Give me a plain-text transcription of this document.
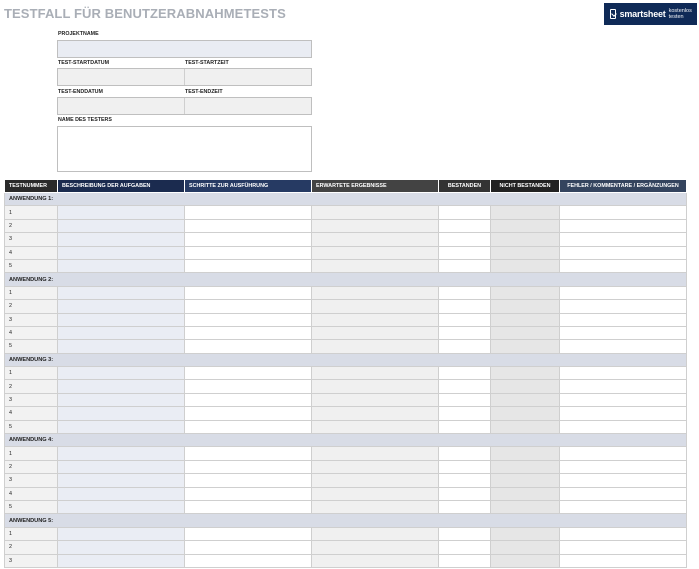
TESTFALL FÜR BENUTZERABNAHMETESTS	smartsheet kostenlos testen
PROJEKTNAME
TEST-STARTDATUM	TEST-STARTZEIT
TEST-ENDDATUM	TEST-ENDZEIT
NAME DES TESTERS
TESTNUMMER	BESCHREIBUNG DER AUFGABEN	SCHRITTE ZUR AUSFÜHRUNG	ERWARTETE ERGEBNISSE	BESTANDEN	NICHT BESTANDEN	FEHLER / KOMMENTARE / ERGÄNZUNGEN
ANWENDUNG 1:						
1						
2						
3						
4						
5						
ANWENDUNG 2:						
1						
2						
3						
4						
5						
ANWENDUNG 3:						
1						
2						
3						
4						
5						
ANWENDUNG 4:						
1						
2						
3						
4						
5						
ANWENDUNG 5:						
1						
2						
3						
